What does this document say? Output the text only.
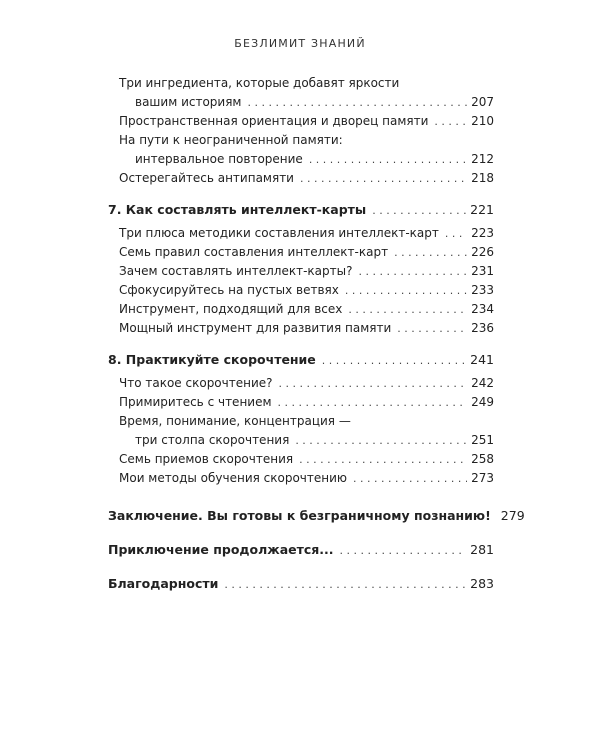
БЕЗЛИМИТ ЗНАНИЙ
Три ингредиента, которые добавят яркости
вашим историям . . .	207
Пространственная ориентация и дворец памяти . . .	210
На пути к неограниченной памяти:
интервальное повторение . . .	212
Остерегайтесь антипамяти . . .	218
7. Как составлять интеллект-карты . . .	221
Три плюса методики составления интеллект-карт . . .	223
Семь правил составления интеллект-карт . . .	226
Зачем составлять интеллект-карты? . . .	231
Сфокусируйтесь на пустых ветвях . . .	233
Инструмент, подходящий для всех . . .	234
Мощный инструмент для развития памяти . . .	236
8. Практикуйте скорочтение . . .	241
Что такое скорочтение? . . .	242
Примиритесь с чтением . . .	249
Время, понимание, концентрация —
три столпа скорочтения . . .	251
Семь приемов скорочтения . . .	258
Мои методы обучения скорочтению . . .	273
Заключение. Вы готовы к безграничному познанию! 279
Приключение продолжается... . . .	281
Благодарности . . .	283
